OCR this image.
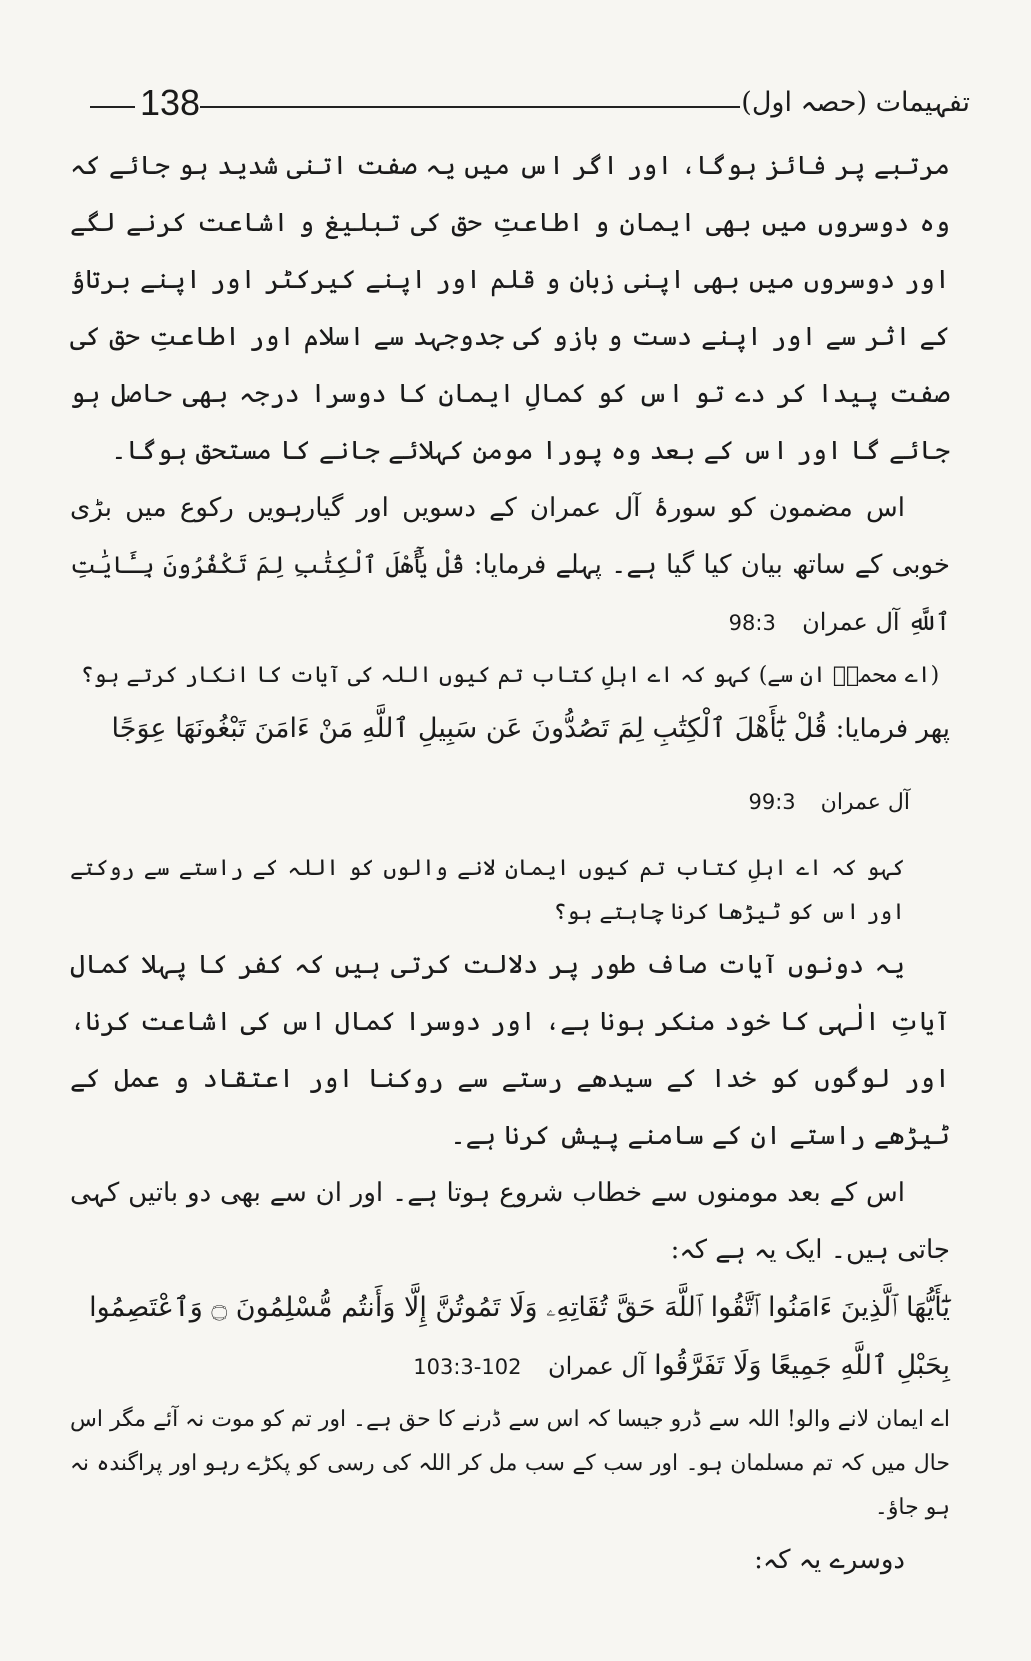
138	تفہیمات (حصہ اول)

مرتبے پر فائز ہوگا، اور اگر اس میں یہ صفت اتنی شدید ہو جائے کہ وہ دوسروں میں بھی ایمان و اطاعتِ حق کی تبلیغ و اشاعت کرنے لگے اور دوسروں میں بھی اپنی زبان و قلم اور اپنے کیرکٹر اور اپنے برتاؤ کے اثر سے اور اپنے دست و بازو کی جدوجہد سے اسلام اور اطاعتِ حق کی صفت پیدا کر دے تو اس کو کمالِ ایمان کا دوسرا درجہ بھی حاصل ہو جائے گا اور اس کے بعد وہ پورا مومن کہلائے جانے کا مستحق ہوگا۔

اس مضمون کو سورۂ آل عمران کے دسویں اور گیارہویں رکوع میں بڑی خوبی کے ساتھ بیان کیا گیا ہے۔ پہلے فرمایا: قُلْ يَٰٓأَهْلَ ٱلْكِتَٰبِ لِمَ تَكْفُرُونَ بِـَٔايَٰتِ ٱللَّهِ آل عمران 98:3

(اے محمدؐ ان سے) کہو کہ اے اہلِ کتاب تم کیوں اللہ کی آیات کا انکار کرتے ہو؟

پھر فرمایا: قُلْ يَٰٓأَهْلَ ٱلْكِتَٰبِ لِمَ تَصُدُّونَ عَن سَبِيلِ ٱللَّهِ مَنْ ءَامَنَ تَبْغُونَهَا عِوَجًا

آل عمران 99:3

کہو کہ اے اہلِ کتاب تم کیوں ایمان لانے والوں کو اللہ کے راستے سے روکتے اور اس کو ٹیڑھا کرنا چاہتے ہو؟

یہ دونوں آیات صاف طور پر دلالت کرتی ہیں کہ کفر کا پہلا کمال آیاتِ الٰہی کا خود منکر ہونا ہے، اور دوسرا کمال اس کی اشاعت کرنا، اور لوگوں کو خدا کے سیدھے رستے سے روکنا اور اعتقاد و عمل کے ٹیڑھے راستے ان کے سامنے پیش کرنا ہے۔

اس کے بعد مومنوں سے خطاب شروع ہوتا ہے۔ اور ان سے بھی دو باتیں کہی جاتی ہیں۔ ایک یہ ہے کہ:

يَٰٓأَيُّهَا ٱلَّذِينَ ءَامَنُوا ٱتَّقُوا ٱللَّهَ حَقَّ تُقَاتِهِۦ وَلَا تَمُوتُنَّ إِلَّا وَأَنتُم مُّسْلِمُونَ ۝ وَٱعْتَصِمُوا

بِحَبْلِ ٱللَّهِ جَمِيعًا وَلَا تَفَرَّقُوا آل عمران 102-103:3

اے ایمان لانے والو! اللہ سے ڈرو جیسا کہ اس سے ڈرنے کا حق ہے۔ اور تم کو موت نہ آئے مگر اس حال میں کہ تم مسلمان ہو۔ اور سب کے سب مل کر اللہ کی رسی کو پکڑے رہو اور پراگندہ نہ ہو جاؤ۔

دوسرے یہ کہ:
